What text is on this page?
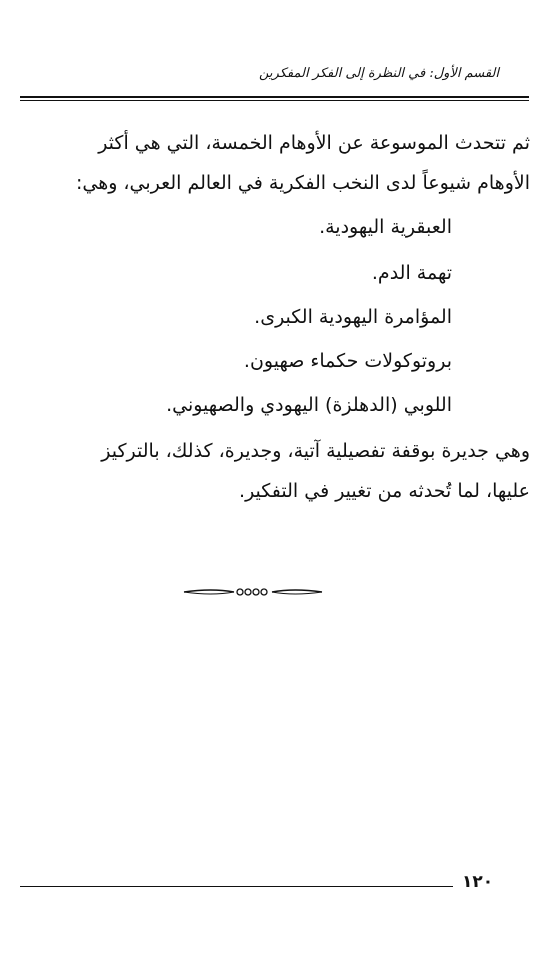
القسم الأول: في النظرة إلى الفكر المفكرين
ثم تتحدث الموسوعة عن الأوهام الخمسة، التي هي أكثر
الأوهام شيوعاً لدى النخب الفكرية في العالم العربي، وهي:
العبقرية اليهودية.
تهمة الدم.
المؤامرة اليهودية الكبرى.
بروتوكولات حكماء صهيون.
اللوبي (الدهلزة) اليهودي والصهيوني.
وهي جديرة بوقفة تفصيلية آتية، وجديرة، كذلك، بالتركيز
عليها، لما تُحدثه من تغيير في التفكير.
١٢٠
